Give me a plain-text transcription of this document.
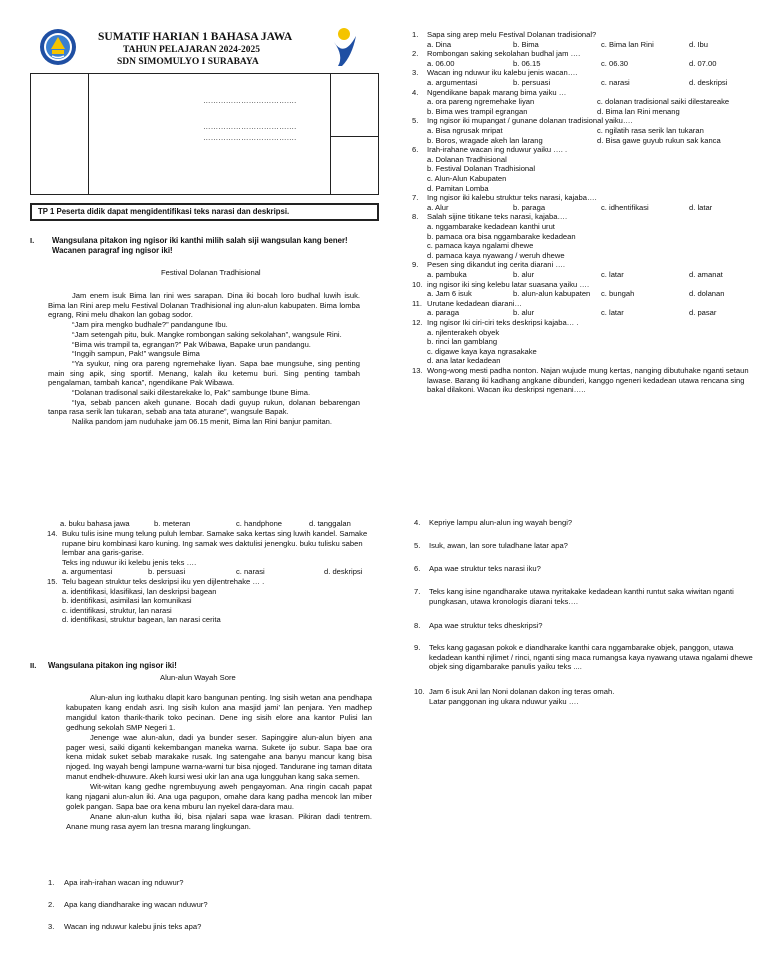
SUMATIF HARIAN 1 BAHASA JAWA
TAHUN PELAJARAN 2024-2025
SDN SIMOMULYO I SURABAYA
……………………………….
……………………………….
……………………………….
TP 1 Peserta didik dapat mengidentifikasi teks narasi dan deskripsi.
I. Wangsulana pitakon ing ngisor iki kanthi milih salah siji wangsulan kang bener!
Wacanen paragraf ing ngisor iki!
Festival Dolanan Tradhisional

Jam enem isuk Bima lan rini wes sarapan. Dina iki bocah loro budhal luwih isuk. Bima lan Rini arep melu Festival Dolanan Tradhisional ing alun-alun kabupaten. Bima lomba egrang, Rini melu dhakon lan gobag sodor.

“Jam pira mengko budhale?” pandangune Ibu.

“Jam setengah pitu, buk. Mangke rombongan saking sekolahan”, wangsule Rini.

“Bima wis trampil ta, egrangan?” Pak Wibawa, Bapake urun pandangu.

“Inggih sampun, Pak!” wangsule Bima

“Ya syukur, ning ora pareng ngremehake liyan. Sapa bae mungsuhe, sing penting main sing apik, sing sportif. Menang, kalah iku ketemu buri. Sing penting tambah pengalaman, tambah kanca”, ngendikane Pak Wibawa.

“Dolanan tradisonal saiki dilestarekake lo, Pak” sambunge Ibune Bima.

“Iya, sebab pancen akeh gunane. Bocah dadi guyup rukun, dolanan bebarengan tanpa rasa serik lan tukaran, sebab ana tata aturane”, wangsule Bapak.

Nalika pandom jam nuduhake jam 06.15 menit, Bima lan Rini banjur pamitan.

1. Sapa sing arep melu Festival Dolanan tradisional?
a. Dina	b. Bima	c. Bima lan Rini	d. Ibu
2. Rombongan saking sekolahan budhal jam ….
a. 06.00	b. 06.15	c. 06.30	d. 07.00
3. Wacan ing nduwur iku kalebu jenis wacan….
a. argumentasi	b. persuasi	c. narasi	d. deskripsi
4. Ngendikane bapak marang bima yaiku …
a. ora pareng ngremehake liyan	c. dolanan tradisional saiki dilestareake
b. Bima wes trampil egrangan	d. Bima lan Rini menang
5. Ing ngisor iki mupangat / gunane dolanan tradisional yaiku….
a. Bisa ngrusak mripat	c. ngilatih rasa serik lan tukaran
b. Boros, wragade akeh lan larang	d. Bisa gawe guyub rukun sak kanca
6. Irah-irahane wacan ing nduwur yaiku …. .
a. Dolanan Tradhisional
b. Festival Dolanan Tradhisional
c. Alun-Alun Kabupaten
d. Pamitan Lomba
7. Ing ngisor iki kalebu struktur teks narasi, kajaba….
a. Alur	b. paraga	c. idhentifikasi	d. latar
8. Salah sijine titikane teks narasi, kajaba….
a. nggambarake kedadean kanthi urut
b. pamaca ora bisa nggambarake kedadean
c. pamaca kaya ngalami dhewe
d. pamaca kaya nyawang / weruh dhewe
9. Pesen sing dikandut ing cerita diarani ….
a. pambuka	b. alur	c. latar	d. amanat
10. ing ngisor iki sing kelebu latar suasana yaiku ….
a. Jam 6 isuk	b. alun-alun kabupaten	c. bungah	d. dolanan
11. Urutane kedadean diarani…
a. paraga	b. alur	c. latar	d. pasar
12. Ing ngisor Iki ciri-ciri teks deskripsi kajaba… .
a. njlenterakeh obyek
b. rinci lan gamblang
c. digawe kaya kaya ngrasakake
d. ana latar kedadean
13. Wong-wong mesti padha nonton. Najan wujude mung kertas, nanging dibutuhake nganti setaun lawase. Barang iki kadhang angkane dibunderi, kanggo ngeneri kedadean utawa rencana sing bakal dilakoni. Wacan iku deskripsi ngenani…..
a. buku bahasa jawa	b. meteran	c. handphone	d. tanggalan
14. Buku tulis isine mung telung puluh lembar. Samake saka kertas sing luwih kandel. Samake rupane biru kombinasi karo kuning. Ing samak wes daktulisi jenengku. buku tulisku saben lembar ana garis-garise.
Teks ing nduwur iki kelebu jenis teks ….
a. argumentasi	b. persuasi	c. narasi	d. deskripsi
15. Telu bagean struktur teks deskripsi iku yen dijlentrehake … .
a. identifikasi, klasifikasi, lan deskripsi bagean
b. identifikasi, asimilasi lan komunikasi
c. identifikasi, struktur, lan narasi
d. identifikasi, struktur bagean, lan narasi cerita
II. Wangsulana pitakon ing ngisor iki!
Alun-alun Wayah Sore

Alun-alun ing kuthaku dlapit karo bangunan penting. Ing sisih wetan ana pendhapa kabupaten kang endah asri. Ing sisih kulon ana masjid jami’ lan penjara. Yen madhep mangidul katon tharik-tharik toko pecinan. Dene ing sisih elore ana kantor Pulisi lan gedhung sekolah SMP Negeri 1.

Jenenge wae alun-alun, dadi ya bunder seser. Sapinggire alun-alun biyen ana pager wesi, saiki diganti kekembangan maneka warna. Sukete ijo subur. Sapa bae ora kena midak suket sebab marakake rusak. Ing satengahe ana banyu mancur kang bisa njoged. Ing wayah bengi lampune warna-warni tur bisa njoged. Tandurane ing taman ditata manut endhek-dhuwure. Akeh kursi wesi ukir lan ana uga lungguhan kang saka semen.

Wit-witan kang gedhe ngrembuyung aweh pengayoman. Ana ringin cacah papat kang njagani alun-alun iki. Ana uga pagupon, omahe dara kang padha mencok lan miber golek pangan. Sapa bae ora kena mburu lan nyekel dara-dara mau.

Anane alun-alun kutha iki, bisa njalari sapa wae krasan. Pikiran dadi tentrem. Anane mung rasa ayem lan tresna marang lingkungan.

1. Apa irah-irahan wacan ing nduwur?
2. Apa kang diandharake ing wacan nduwur?
3. Wacan ing nduwur kalebu jinis teks apa?
4. Kepriye lampu alun-alun ing wayah bengi?
5. Isuk, awan, lan sore tuladhane latar apa?
6. Apa wae struktur teks narasi iku?
7. Teks kang isine ngandharake utawa nyritakake kedadean kanthi runtut saka wiwitan nganti pungkasan, utawa kronologis diarani teks….
8. Apa wae struktur teks dheskripsi?
9. Teks kang gagasan pokok e diandharake kanthi cara nggambarake objek, panggon, utawa kedadean kanthi njlimet / rinci, nganti sing maca rumangsa kaya nyawang utawa ngalami dhewe objek sing digambarake panulis yaiku teks ....
10. Jam 6 isuk Ani lan Noni dolanan dakon ing teras omah.
Latar panggonan ing ukara nduwur yaiku ….
